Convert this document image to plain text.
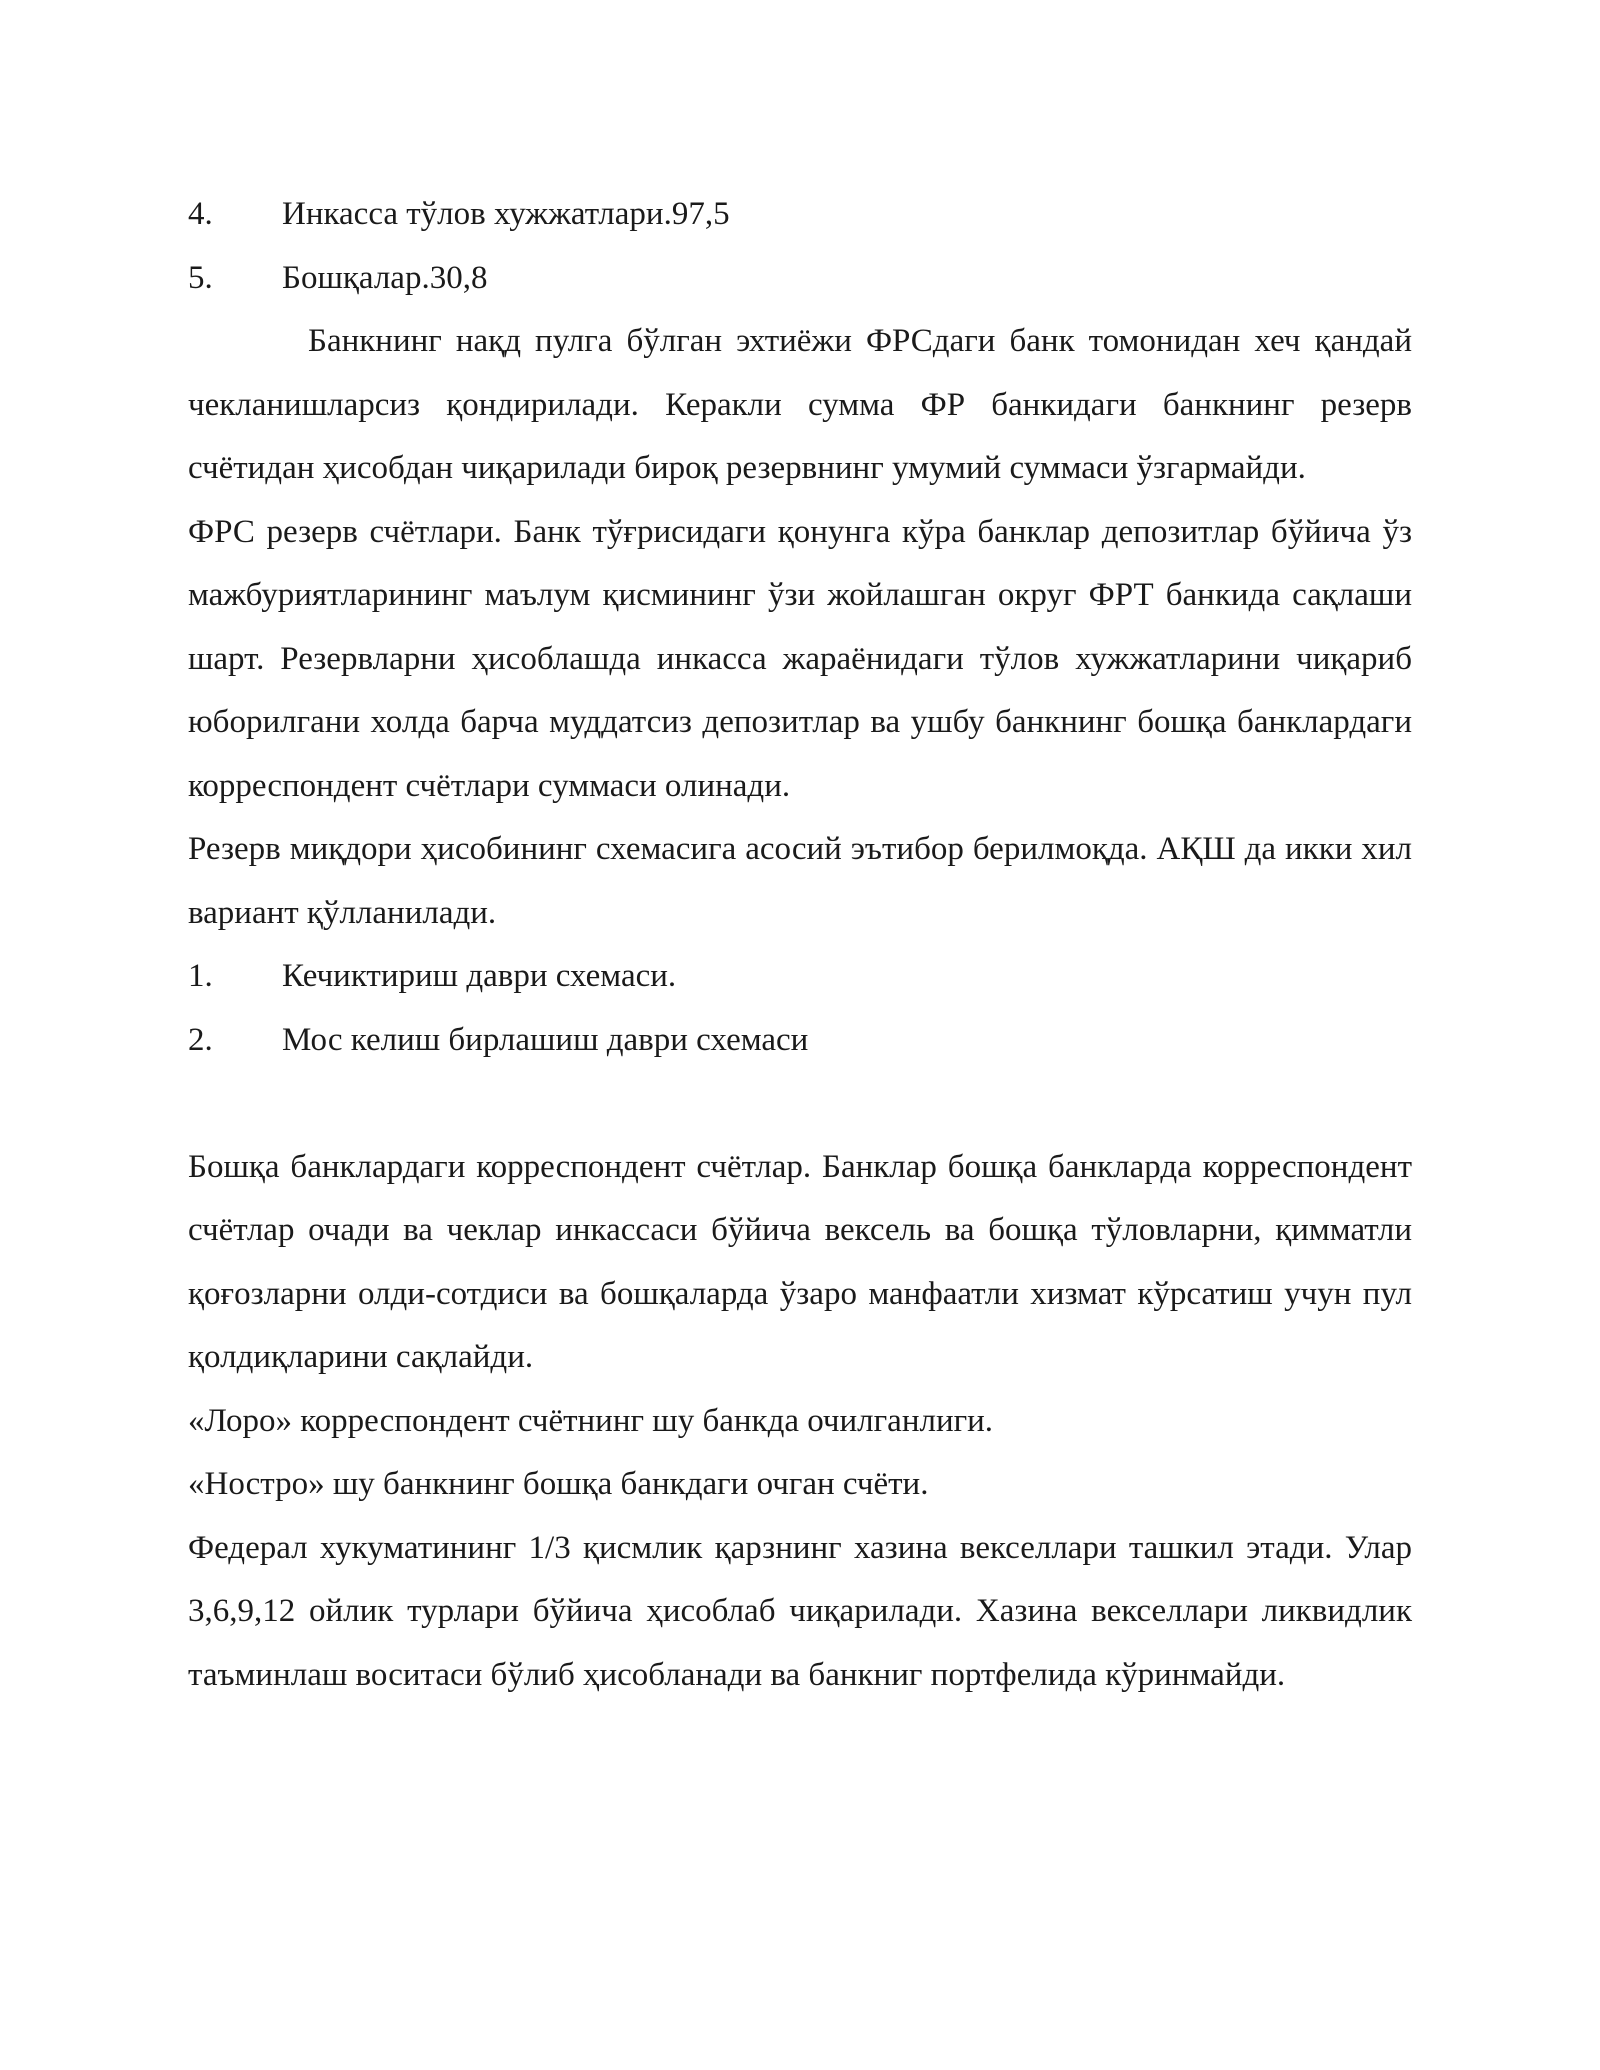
4.	Инкасса тўлов хужжатлари.97,5
5.	Бошқалар.30,8

Банкнинг нақд пулга бўлган эхтиёжи ФРСдаги банк томонидан хеч қандай чекланишларсиз қондирилади. Керакли сумма ФР банкидаги банкнинг резерв счётидан ҳисобдан чиқарилади бироқ резервнинг умумий суммаси ўзгармайди.

ФРС резерв счётлари. Банк тўғрисидаги қонунга кўра банклар депозитлар бўйича ўз мажбуриятларининг маълум қисмининг ўзи жойлашган округ ФРТ банкида сақлаши шарт. Резервларни ҳисоблашда инкасса жараёнидаги тўлов хужжатларини чиқариб юборилгани холда барча муддатсиз депозитлар ва ушбу банкнинг бошқа банклардаги корреспондент счётлари суммаси олинади.

Резерв миқдори ҳисобининг схемасига асосий эътибор берилмоқда. АҚШ да икки хил вариант қўлланилади.

1.	Кечиктириш даври схемаси.
2.	Мос келиш бирлашиш даври схемаси

Бошқа банклардаги корреспондент счётлар. Банклар бошқа банкларда корреспондент счётлар очади ва чеклар инкассаси бўйича вексель ва бошқа тўловларни, қимматли қоғозларни олди-сотдиси ва бошқаларда ўзаро манфаатли хизмат кўрсатиш учун пул қолдиқларини сақлайди.

«Лоро» корреспондент счётнинг шу банкда очилганлиги.

«Ностро» шу банкнинг бошқа банкдаги очган счёти.

Федерал хукуматининг 1/3 қисмлик қарзнинг хазина векселлари ташкил этади. Улар 3,6,9,12 ойлик турлари бўйича ҳисоблаб чиқарилади. Хазина векселлари ликвидлик таъминлаш воситаси бўлиб ҳисобланади ва банкниг портфелида кўринмайди.
